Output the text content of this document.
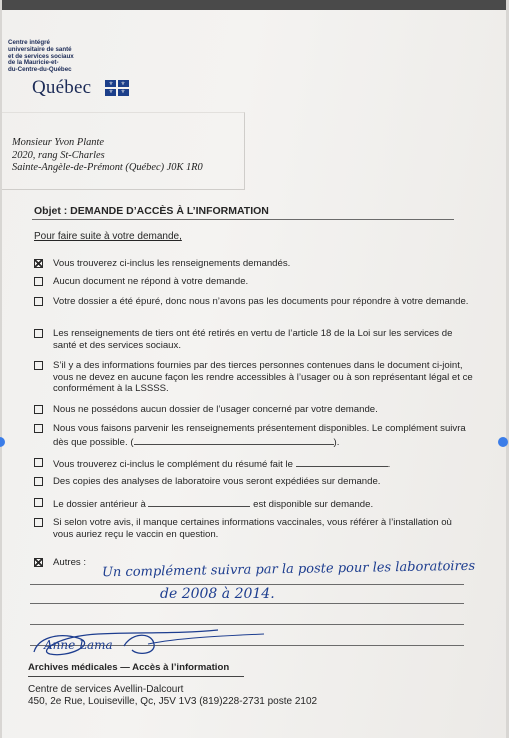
Centre intégré
universitaire de santé
et de services sociaux
de la Mauricie-et-
du-Centre-du-Québec
Québec	⚜ ⚜
⚜ ⚜
Monsieur Yvon Plante
2020, rang St-Charles
Sainte-Angèle-de-Prémont (Québec) J0K 1R0
Objet : DEMANDE D’ACCÈS À L’INFORMATION
Pour faire suite à votre demande,
Vous trouverez ci-inclus les renseignements demandés.
Aucun document ne répond à votre demande.
Votre dossier a été épuré, donc nous n’avons pas les documents pour répondre à votre demande.
Les renseignements de tiers ont été retirés en vertu de l’article 18 de la Loi sur les services de santé et des services sociaux.
S’il y a des informations fournies par des tierces personnes contenues dans le document ci-joint, vous ne devez en aucune façon les rendre accessibles à l’usager ou à son représentant légal et ce conformément à la LSSSS.
Nous ne possédons aucun dossier de l’usager concerné par votre demande.
Nous vous faisons parvenir les renseignements présentement disponibles. Le complément suivra dès que possible. (	).
Vous trouverez ci-inclus le complément du résumé fait le	.
Des copies des analyses de laboratoire vous seront expédiées sur demande.
Le dossier antérieur à	est disponible sur demande.
Si selon votre avis, il manque certaines informations vaccinales, vous référer à l’installation où vous auriez reçu le vaccin en question.
Autres :	Un complément suivra par la poste pour les laboratoires
de 2008 à 2014.
Anne Lama
Archives médicales — Accès à l’information
Centre de services Avellin-Dalcourt
450, 2e Rue, Louiseville, Qc, J5V 1V3 (819)228-2731 poste 2102
